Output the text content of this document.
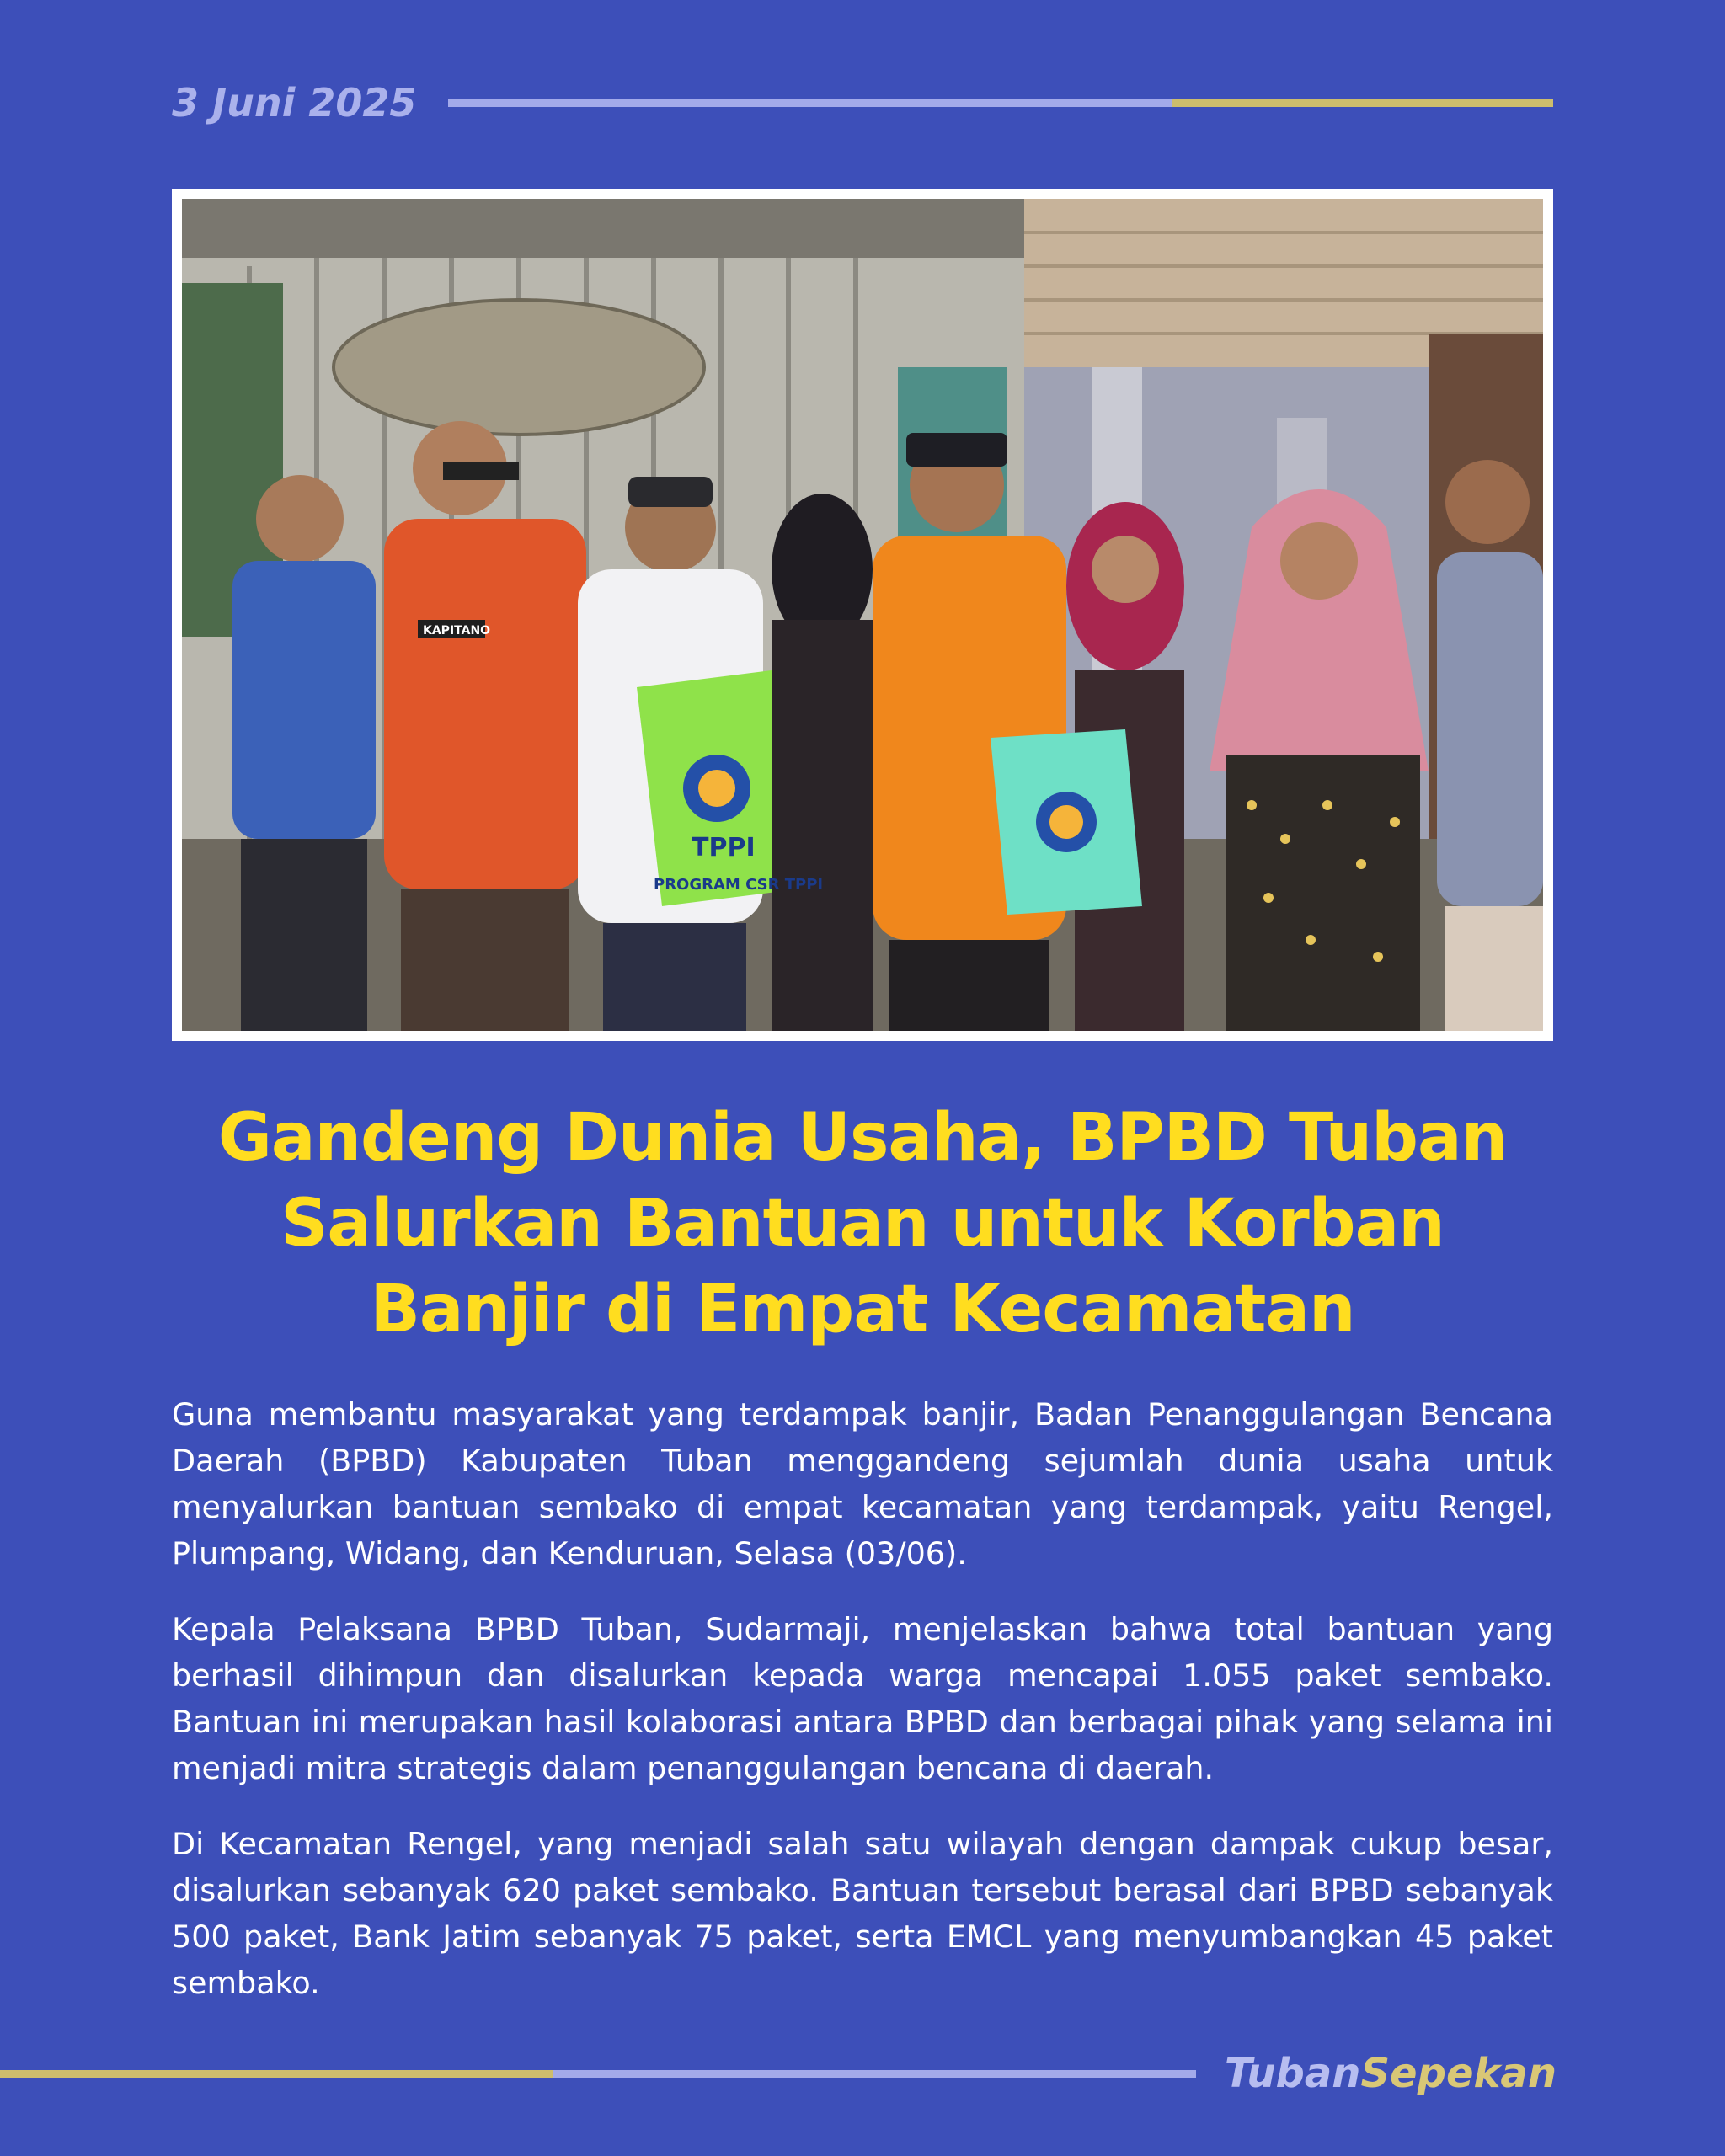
3 Juni 2025
TPPI
PROGRAM CSR TPPI
KAPITANO
Gandeng Dunia Usaha, BPBD Tuban
Salurkan Bantuan untuk Korban
Banjir di Empat Kecamatan

Guna membantu masyarakat yang terdampak banjir, Badan Penanggulangan Bencana Daerah (BPBD) Kabupaten Tuban menggandeng sejumlah dunia usaha untuk menyalurkan bantuan sembako di empat kecamatan yang terdampak, yaitu Rengel, Plumpang, Widang, dan Kenduruan, Selasa (03/06).

Kepala Pelaksana BPBD Tuban, Sudarmaji, menjelaskan bahwa total bantuan yang berhasil dihimpun dan disalurkan kepada warga mencapai 1.055 paket sembako. Bantuan ini merupakan hasil kolaborasi antara BPBD dan berbagai pihak yang selama ini menjadi mitra strategis dalam penanggulangan bencana di daerah.

Di Kecamatan Rengel, yang menjadi salah satu wilayah dengan dampak cukup besar, disalurkan sebanyak 620 paket sembako. Bantuan tersebut berasal dari BPBD sebanyak 500 paket, Bank Jatim sebanyak 75 paket, serta EMCL yang menyumbangkan 45 paket sembako.

TubanSepekan
